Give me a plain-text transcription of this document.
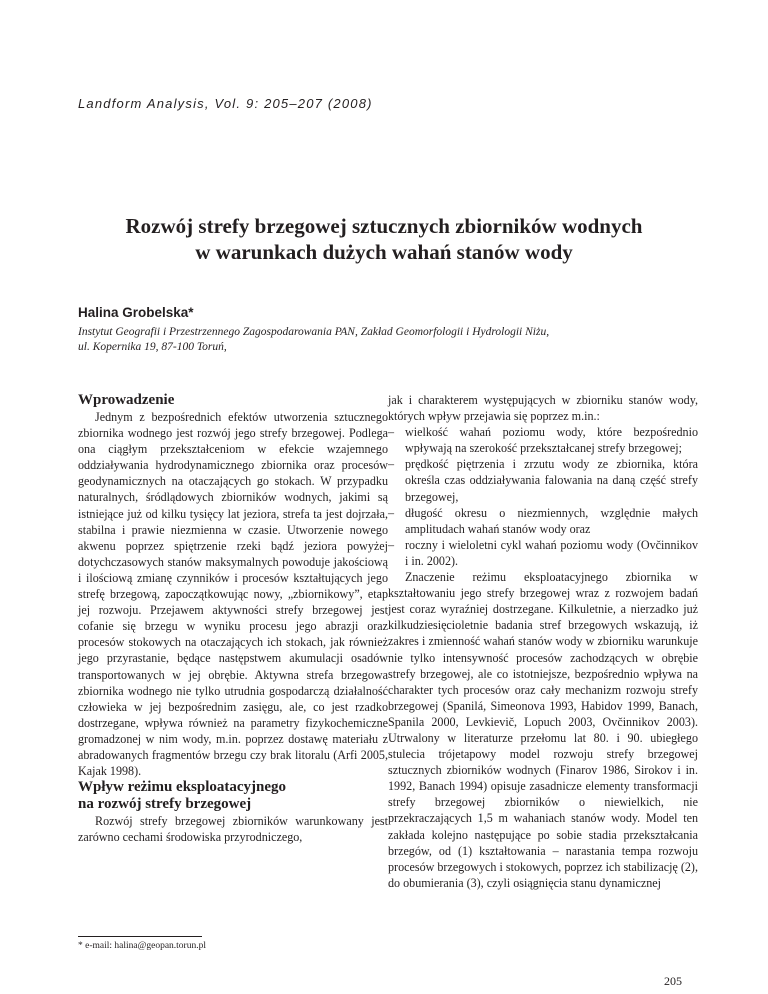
Landform Analysis, Vol. 9: 205–207 (2008)
Rozwój strefy brzegowej sztucznych zbiorników wodnych
w warunkach dużych wahań stanów wody
Halina Grobelska*
Instytut Geografii i Przestrzennego Zagospodarowania PAN, Zakład Geomorfologii i Hydrologii Niżu,
ul. Kopernika 19, 87-100 Toruń,
Wprowadzenie

Jednym z bezpośrednich efektów utworzenia sztucznego zbiornika wodnego jest rozwój jego strefy brzegowej. Podlega ona ciągłym przekształceniom w efekcie wzajemnego oddziaływania hydrodynamicznego zbiornika oraz procesów geodynamicznych na otaczających go stokach. W przypadku naturalnych, śródlądowych zbiorników wodnych, jakimi są istniejące już od kilku tysięcy lat jeziora, strefa ta jest dojrzała, stabilna i prawie niezmienna w czasie. Utworzenie nowego akwenu poprzez spiętrzenie rzeki bądź jeziora powyżej dotychczasowych stanów maksymalnych powoduje jakościową i ilościową zmianę czynników i procesów kształtujących jego strefę brzegową, zapoczątkowując nowy, „zbiornikowy”, etap jej rozwoju. Przejawem aktywności strefy brzegowej jest cofanie się brzegu w wyniku procesu jego abrazji oraz procesów stokowych na otaczających ich stokach, jak również jego przyrastanie, będące następstwem akumulacji osadów transportowanych w jej obrębie. Aktywna strefa brzegowa zbiornika wodnego nie tylko utrudnia gospodarczą działalność człowieka w jej bezpośrednim zasięgu, ale, co jest rzadko dostrzegane, wpływa również na parametry fizykochemiczne gromadzonej w nim wody, m.in. poprzez dostawę materiału z abradowanych fragmentów brzegu czy brak litoralu (Arfi 2005, Kajak 1998).

Wpływ reżimu eksploatacyjnego
na rozwój strefy brzegowej

Rozwój strefy brzegowej zbiorników warunkowany jest zarówno cechami środowiska przyrodniczego,

jak i charakterem występujących w zbiorniku stanów wody, których wpływ przejawia się poprzez m.in.:

– wielkość wahań poziomu wody, które bezpośrednio wpływają na szerokość przekształcanej strefy brzegowej;
– prędkość piętrzenia i zrzutu wody ze zbiornika, która określa czas oddziaływania falowania na daną część strefy brzegowej,
– długość okresu o niezmiennych, względnie małych amplitudach wahań stanów wody oraz
– roczny i wieloletni cykl wahań poziomu wody (Ovčinnikov i in. 2002).

Znaczenie reżimu eksploatacyjnego zbiornika w kształtowaniu jego strefy brzegowej wraz z rozwojem badań jest coraz wyraźniej dostrzegane. Kilkuletnie, a nierzadko już kilkudziesięcioletnie badania stref brzegowych wskazują, iż zakres i zmienność wahań stanów wody w zbiorniku warunkuje nie tylko intensywność procesów zachodzących w obrębie strefy brzegowej, ale co istotniejsze, bezpośrednio wpływa na charakter tych procesów oraz cały mechanizm rozwoju strefy brzegowej (Spanilá, Simeonova 1993, Habidov 1999, Banach, Spanila 2000, Levkievič, Lopuch 2003, Ovčinnikov 2003). Utrwalony w literaturze przełomu lat 80. i 90. ubiegłego stulecia trójetapowy model rozwoju strefy brzegowej sztucznych zbiorników wodnych (Finarov 1986, Sirokov i in. 1992, Banach 1994) opisuje zasadnicze elementy transformacji strefy brzegowej zbiorników o niewielkich, nie przekraczających 1,5 m wahaniach stanów wody. Model ten zakłada kolejno następujące po sobie stadia przekształcania brzegów, od (1) kształtowania – narastania tempa rozwoju procesów brzegowych i stokowych, poprzez ich stabilizację (2), do obumierania (3), czyli osiągnięcia stanu dynamicznej

* e-mail: halina@geopan.torun.pl
205
